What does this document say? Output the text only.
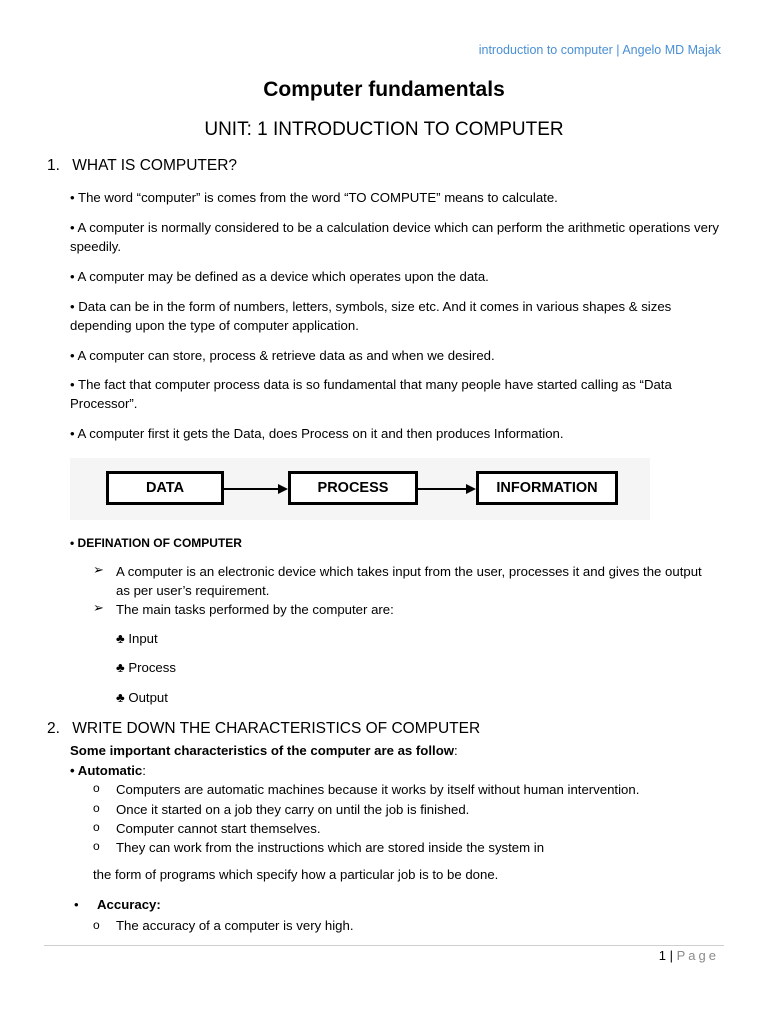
introduction to computer | Angelo MD Majak
Computer fundamentals
UNIT: 1 INTRODUCTION TO COMPUTER
1. WHAT IS COMPUTER?
• The word “computer” is comes from the word “TO COMPUTE” means to calculate.
• A computer is normally considered to be a calculation device which can perform the arithmetic operations very speedily.
• A computer may be defined as a device which operates upon the data.
• Data can be in the form of numbers, letters, symbols, size etc. And it comes in various shapes & sizes depending upon the type of computer application.
• A computer can store, process & retrieve data as and when we desired.
• The fact that computer process data is so fundamental that many people have started calling as “Data Processor”.
• A computer first it gets the Data, does Process on it and then produces Information.
DATA	PROCESS	INFORMATION
• DEFINATION OF COMPUTER
➢ A computer is an electronic device which takes input from the user, processes it and gives the output as per user’s requirement.
➢ The main tasks performed by the computer are:
♣ Input
♣ Process
♣ Output
2. WRITE DOWN THE CHARACTERISTICS OF COMPUTER
Some important characteristics of the computer are as follow:
• Automatic:
o Computers are automatic machines because it works by itself without human intervention.
o Once it started on a job they carry on until the job is finished.
o Computer cannot start themselves.
o They can work from the instructions which are stored inside the system in
the form of programs which specify how a particular job is to be done.
• Accuracy:
o The accuracy of a computer is very high.
1 | Page
